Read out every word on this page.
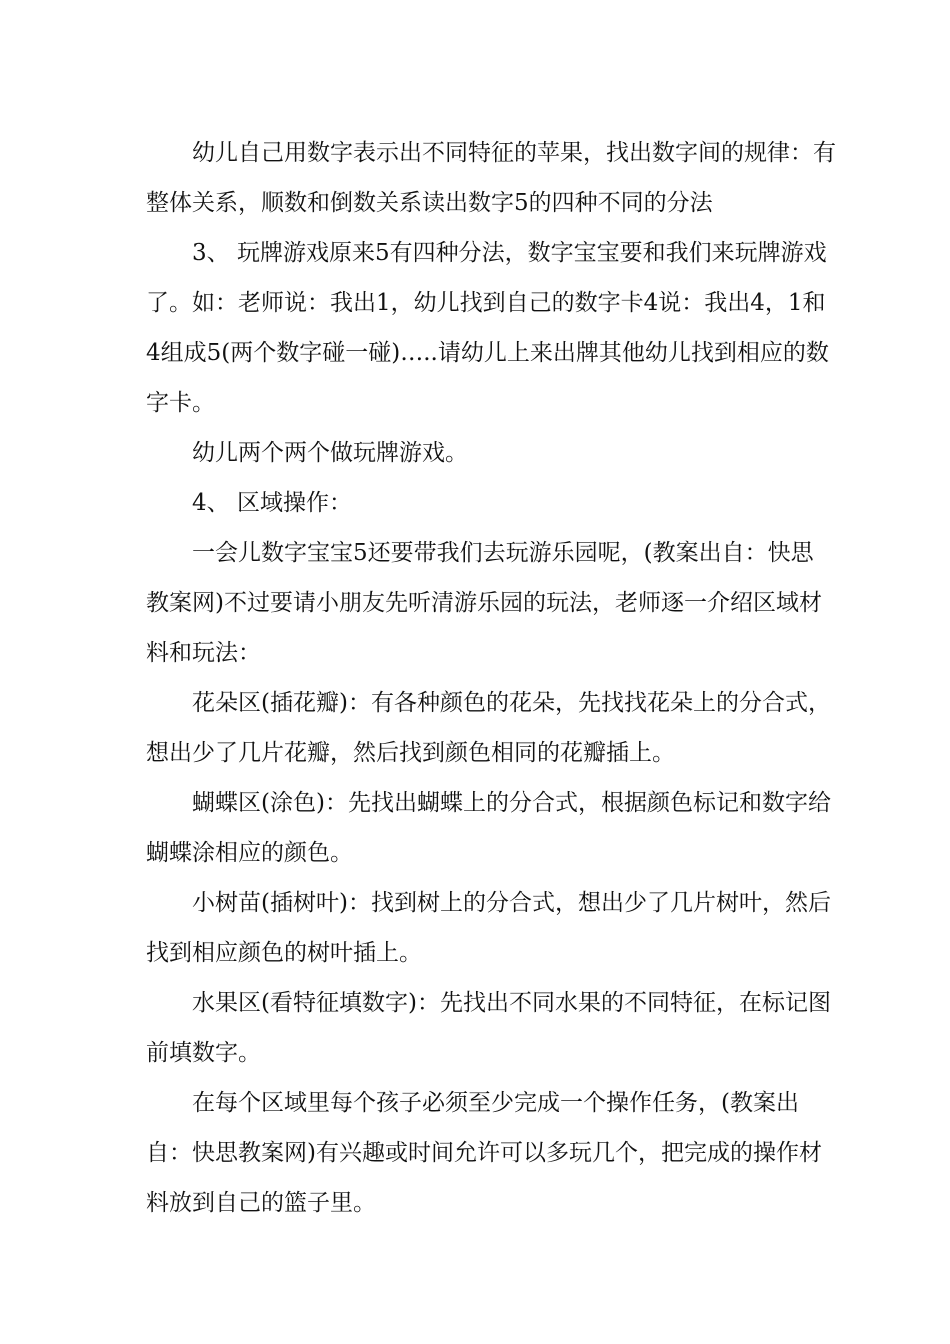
幼儿自己用数字表示出不同特征的苹果，找出数字间的规律：有整体关系，顺数和倒数关系读出数字5的四种不同的分法

3、 玩牌游戏原来5有四种分法，数字宝宝要和我们来玩牌游戏了。如：老师说：我出1，幼儿找到自己的数字卡4说：我出4，1和4组成5(两个数字碰一碰)…..请幼儿上来出牌其他幼儿找到相应的数字卡。

幼儿两个两个做玩牌游戏。

4、 区域操作：

一会儿数字宝宝5还要带我们去玩游乐园呢，(教案出自：快思教案网)不过要请小朋友先听清游乐园的玩法，老师逐一介绍区域材料和玩法：

花朵区(插花瓣)：有各种颜色的花朵，先找找花朵上的分合式，想出少了几片花瓣，然后找到颜色相同的花瓣插上。

蝴蝶区(涂色)：先找出蝴蝶上的分合式，根据颜色标记和数字给蝴蝶涂相应的颜色。

小树苗(插树叶)：找到树上的分合式，想出少了几片树叶，然后找到相应颜色的树叶插上。

水果区(看特征填数字)：先找出不同水果的不同特征，在标记图前填数字。

在每个区域里每个孩子必须至少完成一个操作任务，(教案出自：快思教案网)有兴趣或时间允许可以多玩几个，把完成的操作材料放到自己的篮子里。
